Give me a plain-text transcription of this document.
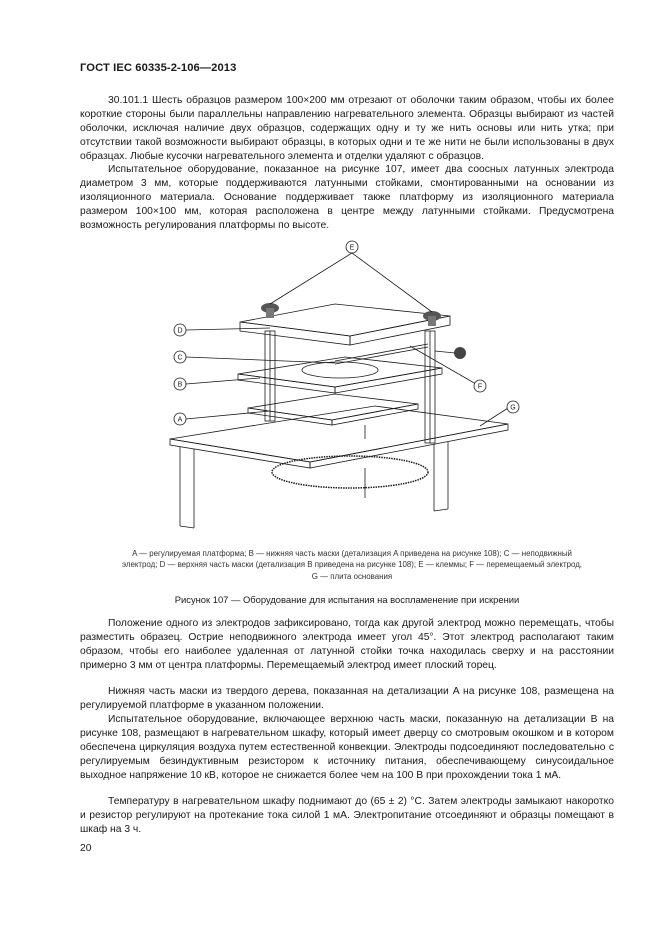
ГОСТ IEC 60335-2-106—2013

30.101.1 Шесть образцов размером 100×200 мм отрезают от оболочки таким образом, чтобы их более короткие стороны были параллельны направлению нагревательного элемента. Образцы выбирают из частей оболочки, исключая наличие двух образцов, содержащих одну и ту же нить основы или нить утка; при отсутствии такой возможности выбирают образцы, в которых одни и те же нити не были использованы в двух образцах. Любые кусочки нагревательного элемента и отделки удаляют с образцов.

Испытательное оборудование, показанное на рисунке 107, имеет два соосных латунных электрода диаметром 3 мм, которые поддерживаются латунными стойками, смонтированными на основании из изоляционного материала. Основание поддерживает также платформу из изоляционного материала размером 100×100 мм, которая расположена в центре между латунными стойками. Предусмотрена возможность регулирования платформы по высоте.

E
D
C
B
A
F
G
A — регулируемая платформа; B — нижняя часть маски (детализация A приведена на рисунке 108); C — неподвижный
электрод; D — верхняя часть маски (детализация B приведена на рисунке 108); E — клеммы; F — перемещаемый электрод,
G — плита основания
Рисунок 107 — Оборудование для испытания на воспламенение при искрении

Положение одного из электродов зафиксировано, тогда как другой электрод можно перемещать, чтобы разместить образец. Острие неподвижного электрода имеет угол 45°. Этот электрод располагают таким образом, чтобы его наиболее удаленная от латунной стойки точка находилась сверху и на расстоянии примерно 3 мм от центра платформы. Перемещаемый электрод имеет плоский торец.

Нижняя часть маски из твердого дерева, показанная на детализации A на рисунке 108, размещена на регулируемой платформе в указанном положении.

Испытательное оборудование, включающее верхнюю часть маски, показанную на детализации B на рисунке 108, размещают в нагревательном шкафу, который имеет дверцу со смотровым окошком и в котором обеспечена циркуляция воздуха путем естественной конвекции. Электроды подсоединяют последовательно с регулируемым безиндуктивным резистором к источнику питания, обеспечивающему синусоидальное выходное напряжение 10 кВ, которое не снижается более чем на 100 В при прохождении тока 1 мА.

Температуру в нагревательном шкафу поднимают до (65 ± 2) °С. Затем электроды замыкают накоротко и резистор регулируют на протекание тока силой 1 мА. Электропитание отсоединяют и образцы помещают в шкаф на 3 ч.

20
